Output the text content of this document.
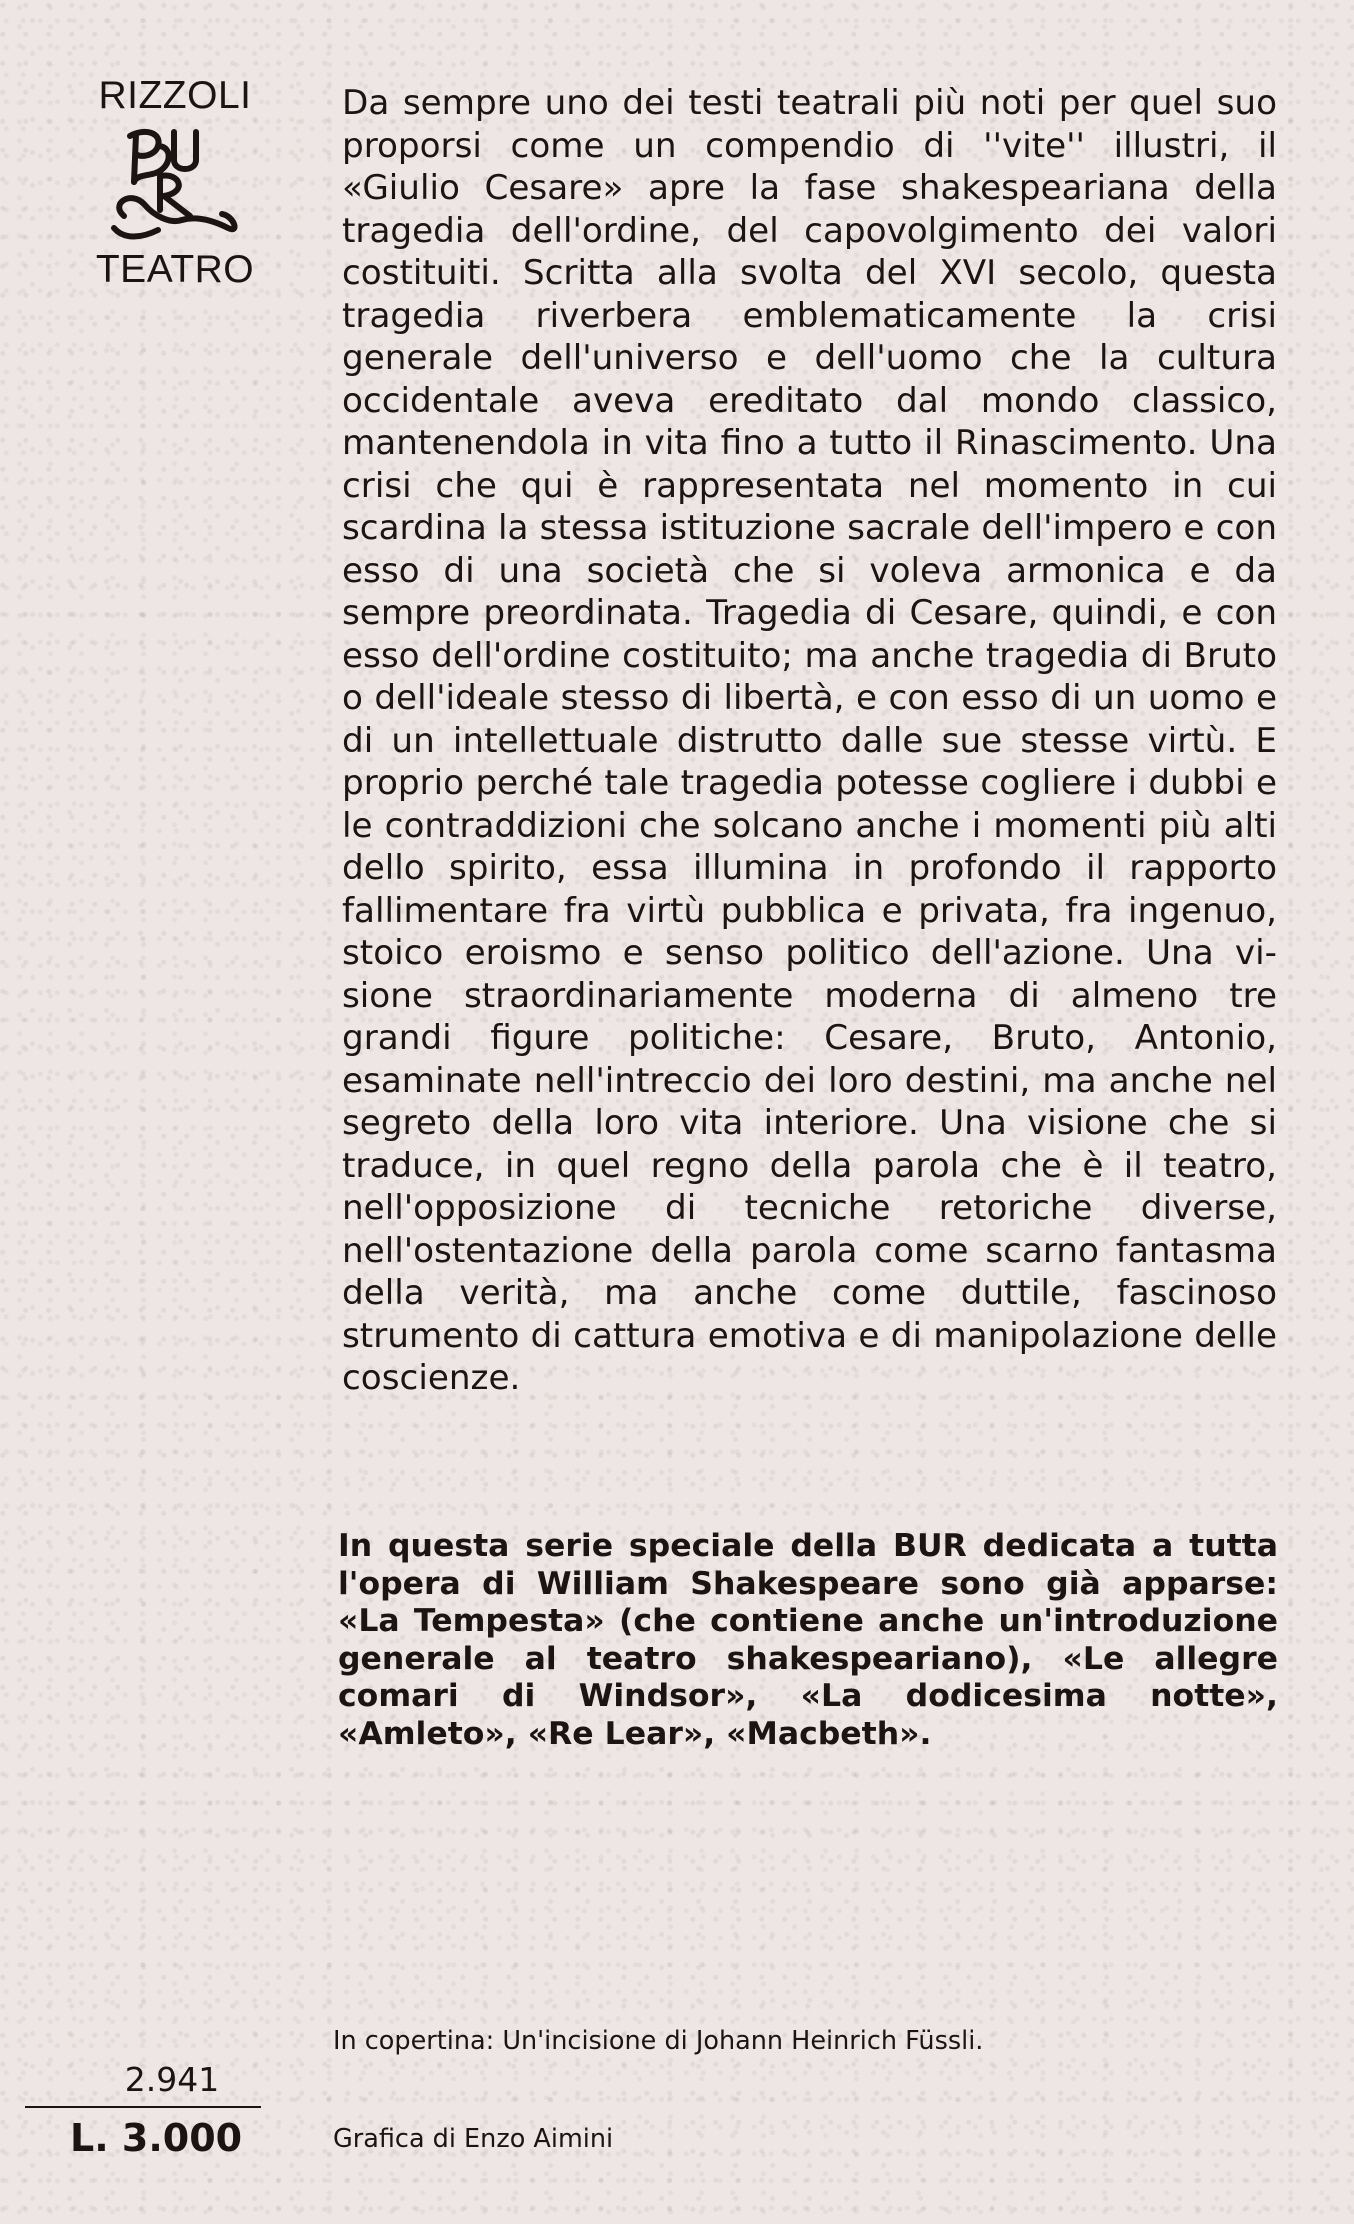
RIZZOLI
TEATRO
Da sempre uno dei testi teatrali più noti per quel suo proporsi come un compendio di ''vite'' illustri, il «Giulio Cesare» apre la fase shakespeariana della tragedia dell'ordine, del capovolgimento dei valori costituiti. Scritta alla svolta del XVI secolo, questa tragedia riverbera emblematicamente la crisi generale dell'universo e dell'uomo che la cultura occidentale aveva ereditato dal mondo classico, mantenendola in vita fino a tutto il Rinascimento. Una crisi che qui è rappresentata nel momento in cui scardina la stessa istituzione sacrale dell'impero e con esso di una società che si voleva armonica e da sempre preordinata. Tragedia di Cesare, quindi, e con esso dell'ordine costituito; ma anche tragedia di Bruto o dell'ideale stesso di libertà, e con esso di un uomo e di un intellettuale distrutto dalle sue stesse virtù. E proprio perché tale tragedia potesse cogliere i dubbi e le contraddizioni che solcano anche i momenti più alti dello spirito, essa illumina in profondo il rapporto fallimentare fra virtù pubblica e privata, fra ingenuo, stoico eroismo e senso politico dell'azione. Una visione straordinariamente moderna di almeno tre grandi figure politiche: Cesare, Bruto, Antonio, esaminate nell'intreccio dei loro destini, ma anche nel segreto della loro vita interiore. Una visione che si traduce, in quel regno della parola che è il teatro, nell'opposizione di tecniche retoriche diverse, nell'ostentazione della parola come scarno fantasma della verità, ma anche come duttile, fascinoso strumento di cattura emotiva e di manipolazione delle coscienze.
In questa serie speciale della BUR dedicata a tutta l'opera di William Shakespeare sono già apparse: «La Tempesta» (che contiene anche un'introduzione generale al teatro shakespeariano), «Le allegre comari di Windsor», «La dodicesima notte», «Amleto», «Re Lear», «Macbeth».
In copertina: Un'incisione di Johann Heinrich Füssli.
Grafica di Enzo Aimini
2.941
L. 3.000
